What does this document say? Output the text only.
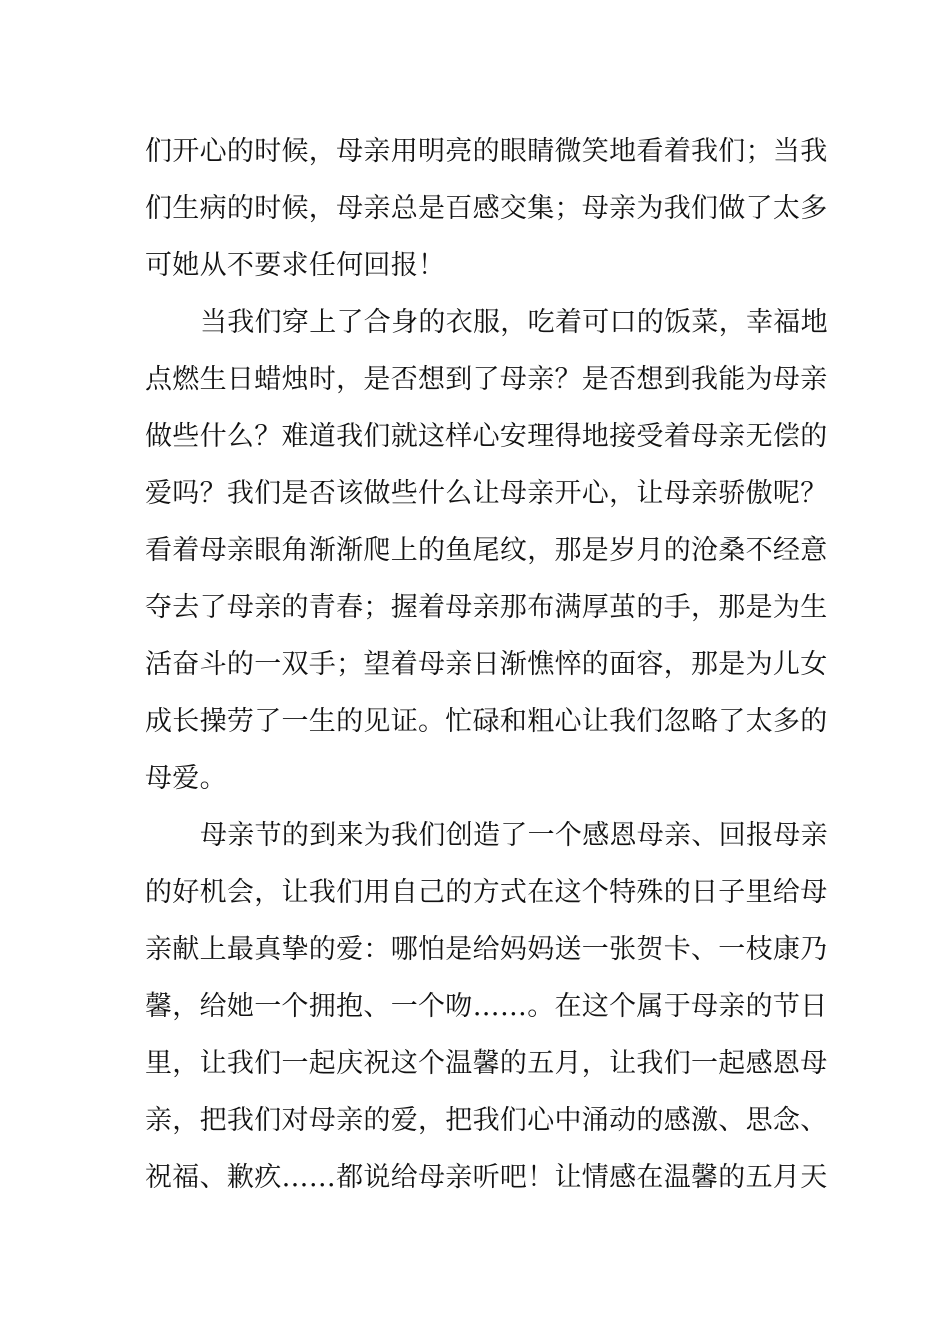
们开心的时候，母亲用明亮的眼睛微笑地看着我们；当我
们生病的时候，母亲总是百感交集；母亲为我们做了太多
可她从不要求任何回报！
当我们穿上了合身的衣服，吃着可口的饭菜，幸福地
点燃生日蜡烛时，是否想到了母亲？是否想到我能为母亲
做些什么？难道我们就这样心安理得地接受着母亲无偿的
爱吗？我们是否该做些什么让母亲开心，让母亲骄傲呢？
看着母亲眼角渐渐爬上的鱼尾纹，那是岁月的沧桑不经意
夺去了母亲的青春；握着母亲那布满厚茧的手，那是为生
活奋斗的一双手；望着母亲日渐憔悴的面容，那是为儿女
成长操劳了一生的见证。忙碌和粗心让我们忽略了太多的
母爱。
母亲节的到来为我们创造了一个感恩母亲、回报母亲
的好机会，让我们用自己的方式在这个特殊的日子里给母
亲献上最真挚的爱：哪怕是给妈妈送一张贺卡、一枝康乃
馨，给她一个拥抱、一个吻……。在这个属于母亲的节日
里，让我们一起庆祝这个温馨的五月，让我们一起感恩母
亲，把我们对母亲的爱，把我们心中涌动的感激、思念、
祝福、歉疚……都说给母亲听吧！让情感在温馨的五月天
